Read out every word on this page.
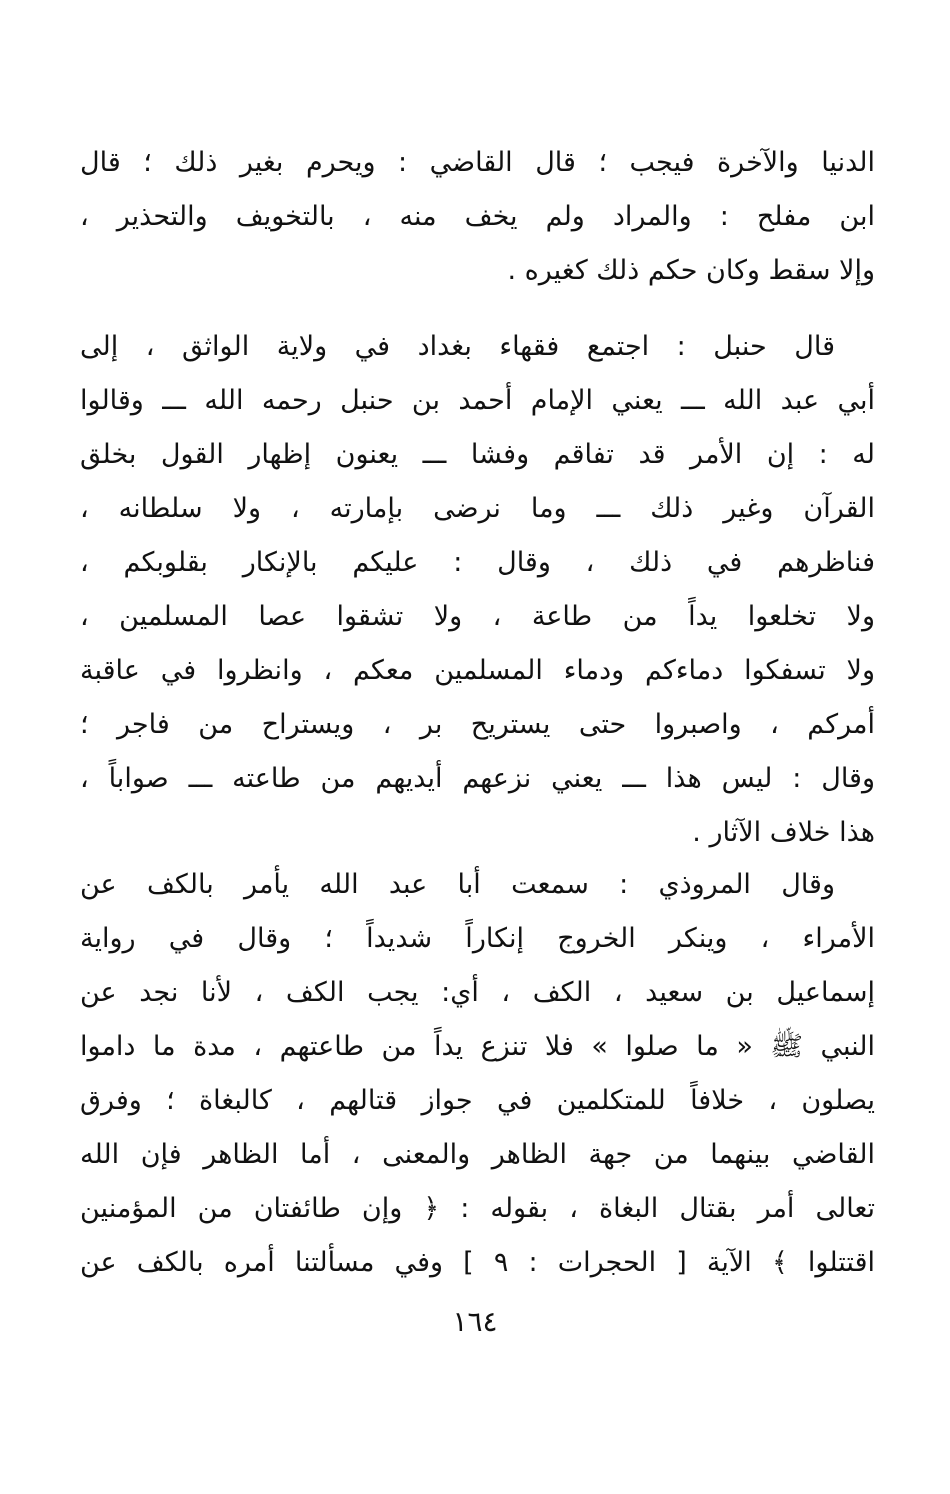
الدنيا والآخرة فيجب ؛ قال القاضي : ويحرم بغير ذلك ؛ قال
ابن مفلح : والمراد ولم يخف منه ، بالتخويف والتحذير ،
وإلا سقط وكان حكم ذلك كغيره .
قال حنبل : اجتمع فقهاء بغداد في ولاية الواثق ، إلى
أبي عبد الله ـــ يعني الإمام أحمد بن حنبل رحمه الله ـــ وقالوا
له : إن الأمر قد تفاقم وفشا ـــ يعنون إظهار القول بخلق
القرآن وغير ذلك ـــ وما نرضى بإمارته ، ولا سلطانه ،
فناظرهم في ذلك ، وقال : عليكم بالإنكار بقلوبكم ،
ولا تخلعوا يداً من طاعة ، ولا تشقوا عصا المسلمين ،
ولا تسفكوا دماءكم ودماء المسلمين معكم ، وانظروا في عاقبة
أمركم ، واصبروا حتى يستريح بر ، ويستراح من فاجر ؛
وقال : ليس هذا ـــ يعني نزعهم أيديهم من طاعته ـــ صواباً ،
هذا خلاف الآثار .
وقال المروذي : سمعت أبا عبد الله يأمر بالكف عن
الأمراء ، وينكر الخروج إنكاراً شديداً ؛ وقال في رواية
إسماعيل بن سعيد ، الكف ، أي: يجب الكف ، لأنا نجد عن
النبي ﷺ « ما صلوا » فلا تنزع يداً من طاعتهم ، مدة ما داموا
يصلون ، خلافاً للمتكلمين في جواز قتالهم ، كالبغاة ؛ وفرق
القاضي بينهما من جهة الظاهر والمعنى ، أما الظاهر فإن الله
تعالى أمر بقتال البغاة ، بقوله : ﴿ وإن طائفتان من المؤمنين
اقتتلوا ﴾ الآية [ الحجرات : ٩ ] وفي مسألتنا أمره بالكف عن
١٦٤
